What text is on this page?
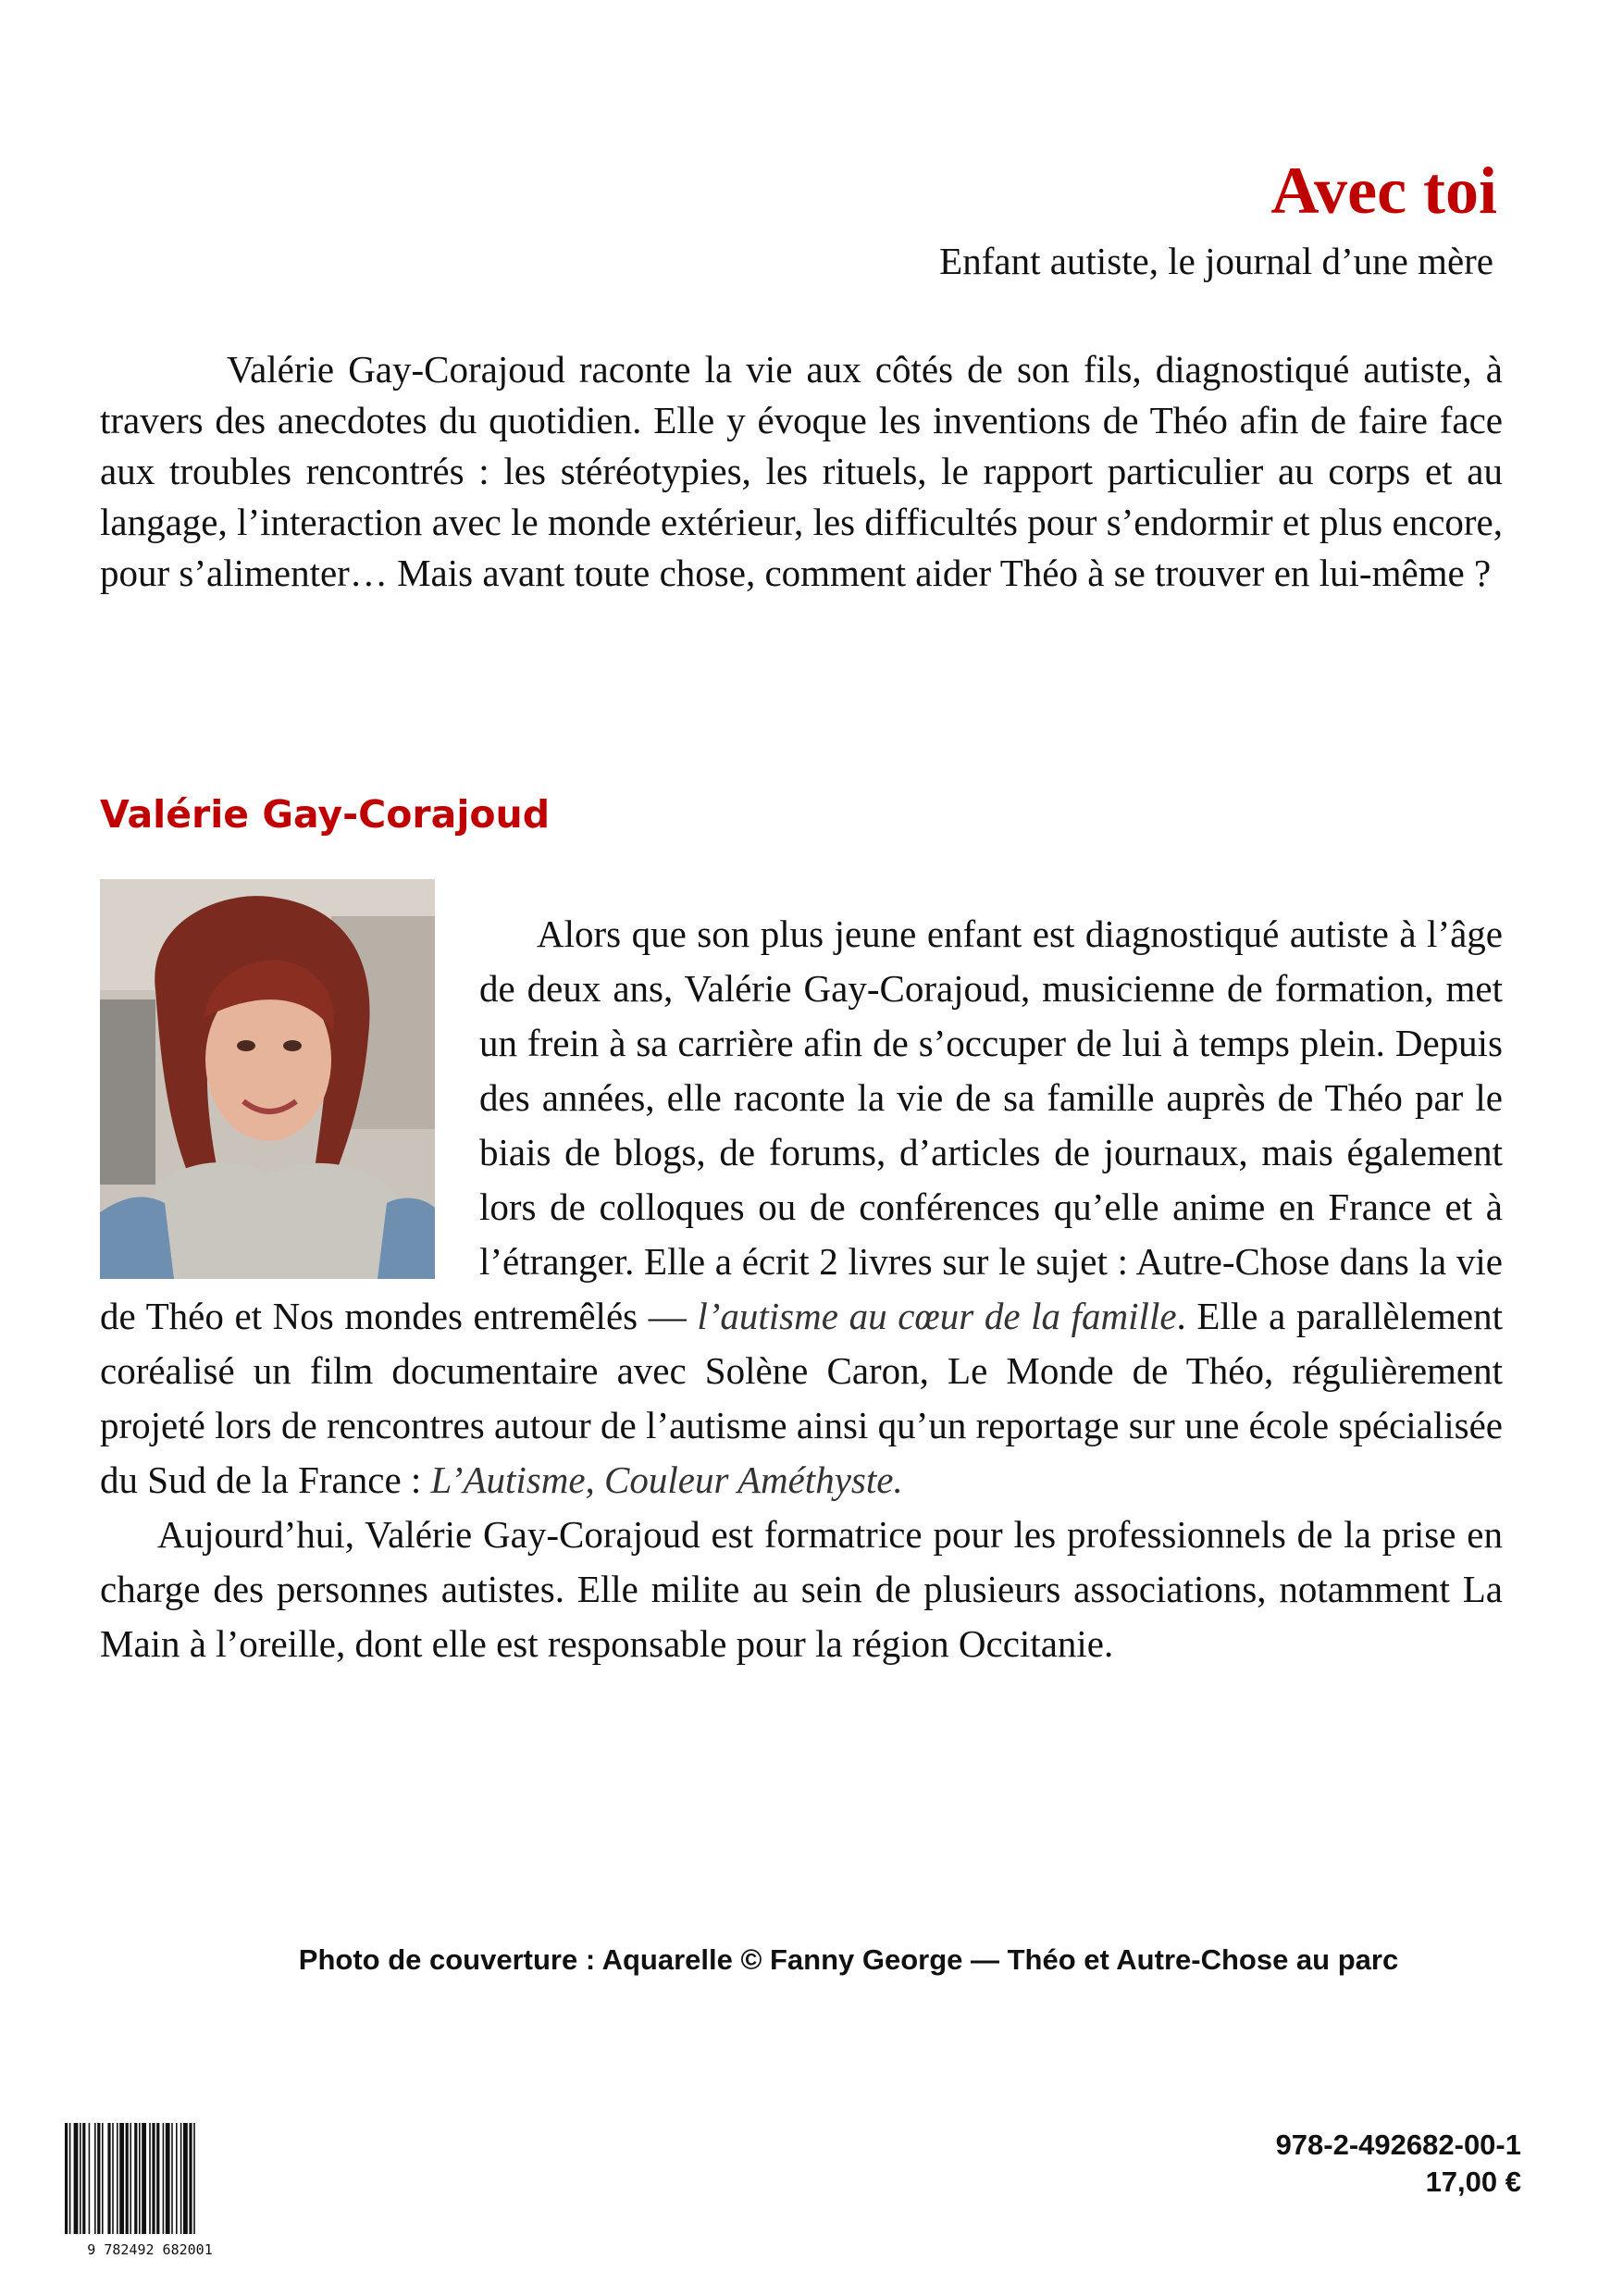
Avec toi
Enfant autiste, le journal d’une mère

Valérie Gay-Corajoud raconte la vie aux côtés de son fils, diagnostiqué autiste, à travers des anecdotes du quotidien. Elle y évoque les inventions de Théo afin de faire face aux troubles rencontrés : les stéréotypies, les rituels, le rapport particulier au corps et au langage, l’interaction avec le monde extérieur, les difficultés pour s’endormir et plus encore, pour s’alimenter… Mais avant toute chose, comment aider Théo à se trouver en lui-même ?

Valérie Gay-Corajoud

Alors que son plus jeune enfant est diagnostiqué autiste à l’âge de deux ans, Valérie Gay-Corajoud, musicienne de formation, met un frein à sa carrière afin de s’occuper de lui à temps plein. Depuis des années, elle raconte la vie de sa famille auprès de Théo par le biais de blogs, de forums, d’articles de journaux, mais également lors de colloques ou de conférences qu’elle anime en France et à l’étranger. Elle a écrit 2 livres sur le sujet : Autre-Chose dans la vie de Théo et Nos mondes entremêlés — l’autisme au cœur de la famille. Elle a parallèlement coréalisé un film documentaire avec Solène Caron, Le Monde de Théo, régulièrement projeté lors de rencontres autour de l’autisme ainsi qu’un reportage sur une école spécialisée du Sud de la France : L’Autisme, Couleur Améthyste.

Aujourd’hui, Valérie Gay-Corajoud est formatrice pour les professionnels de la prise en charge des personnes autistes. Elle milite au sein de plusieurs associations, notamment La Main à l’oreille, dont elle est responsable pour la région Occitanie.

Photo de couverture : Aquarelle © Fanny George — Théo et Autre-Chose au parc

9 782492 682001

978-2-492682-00-1

17,00 €
